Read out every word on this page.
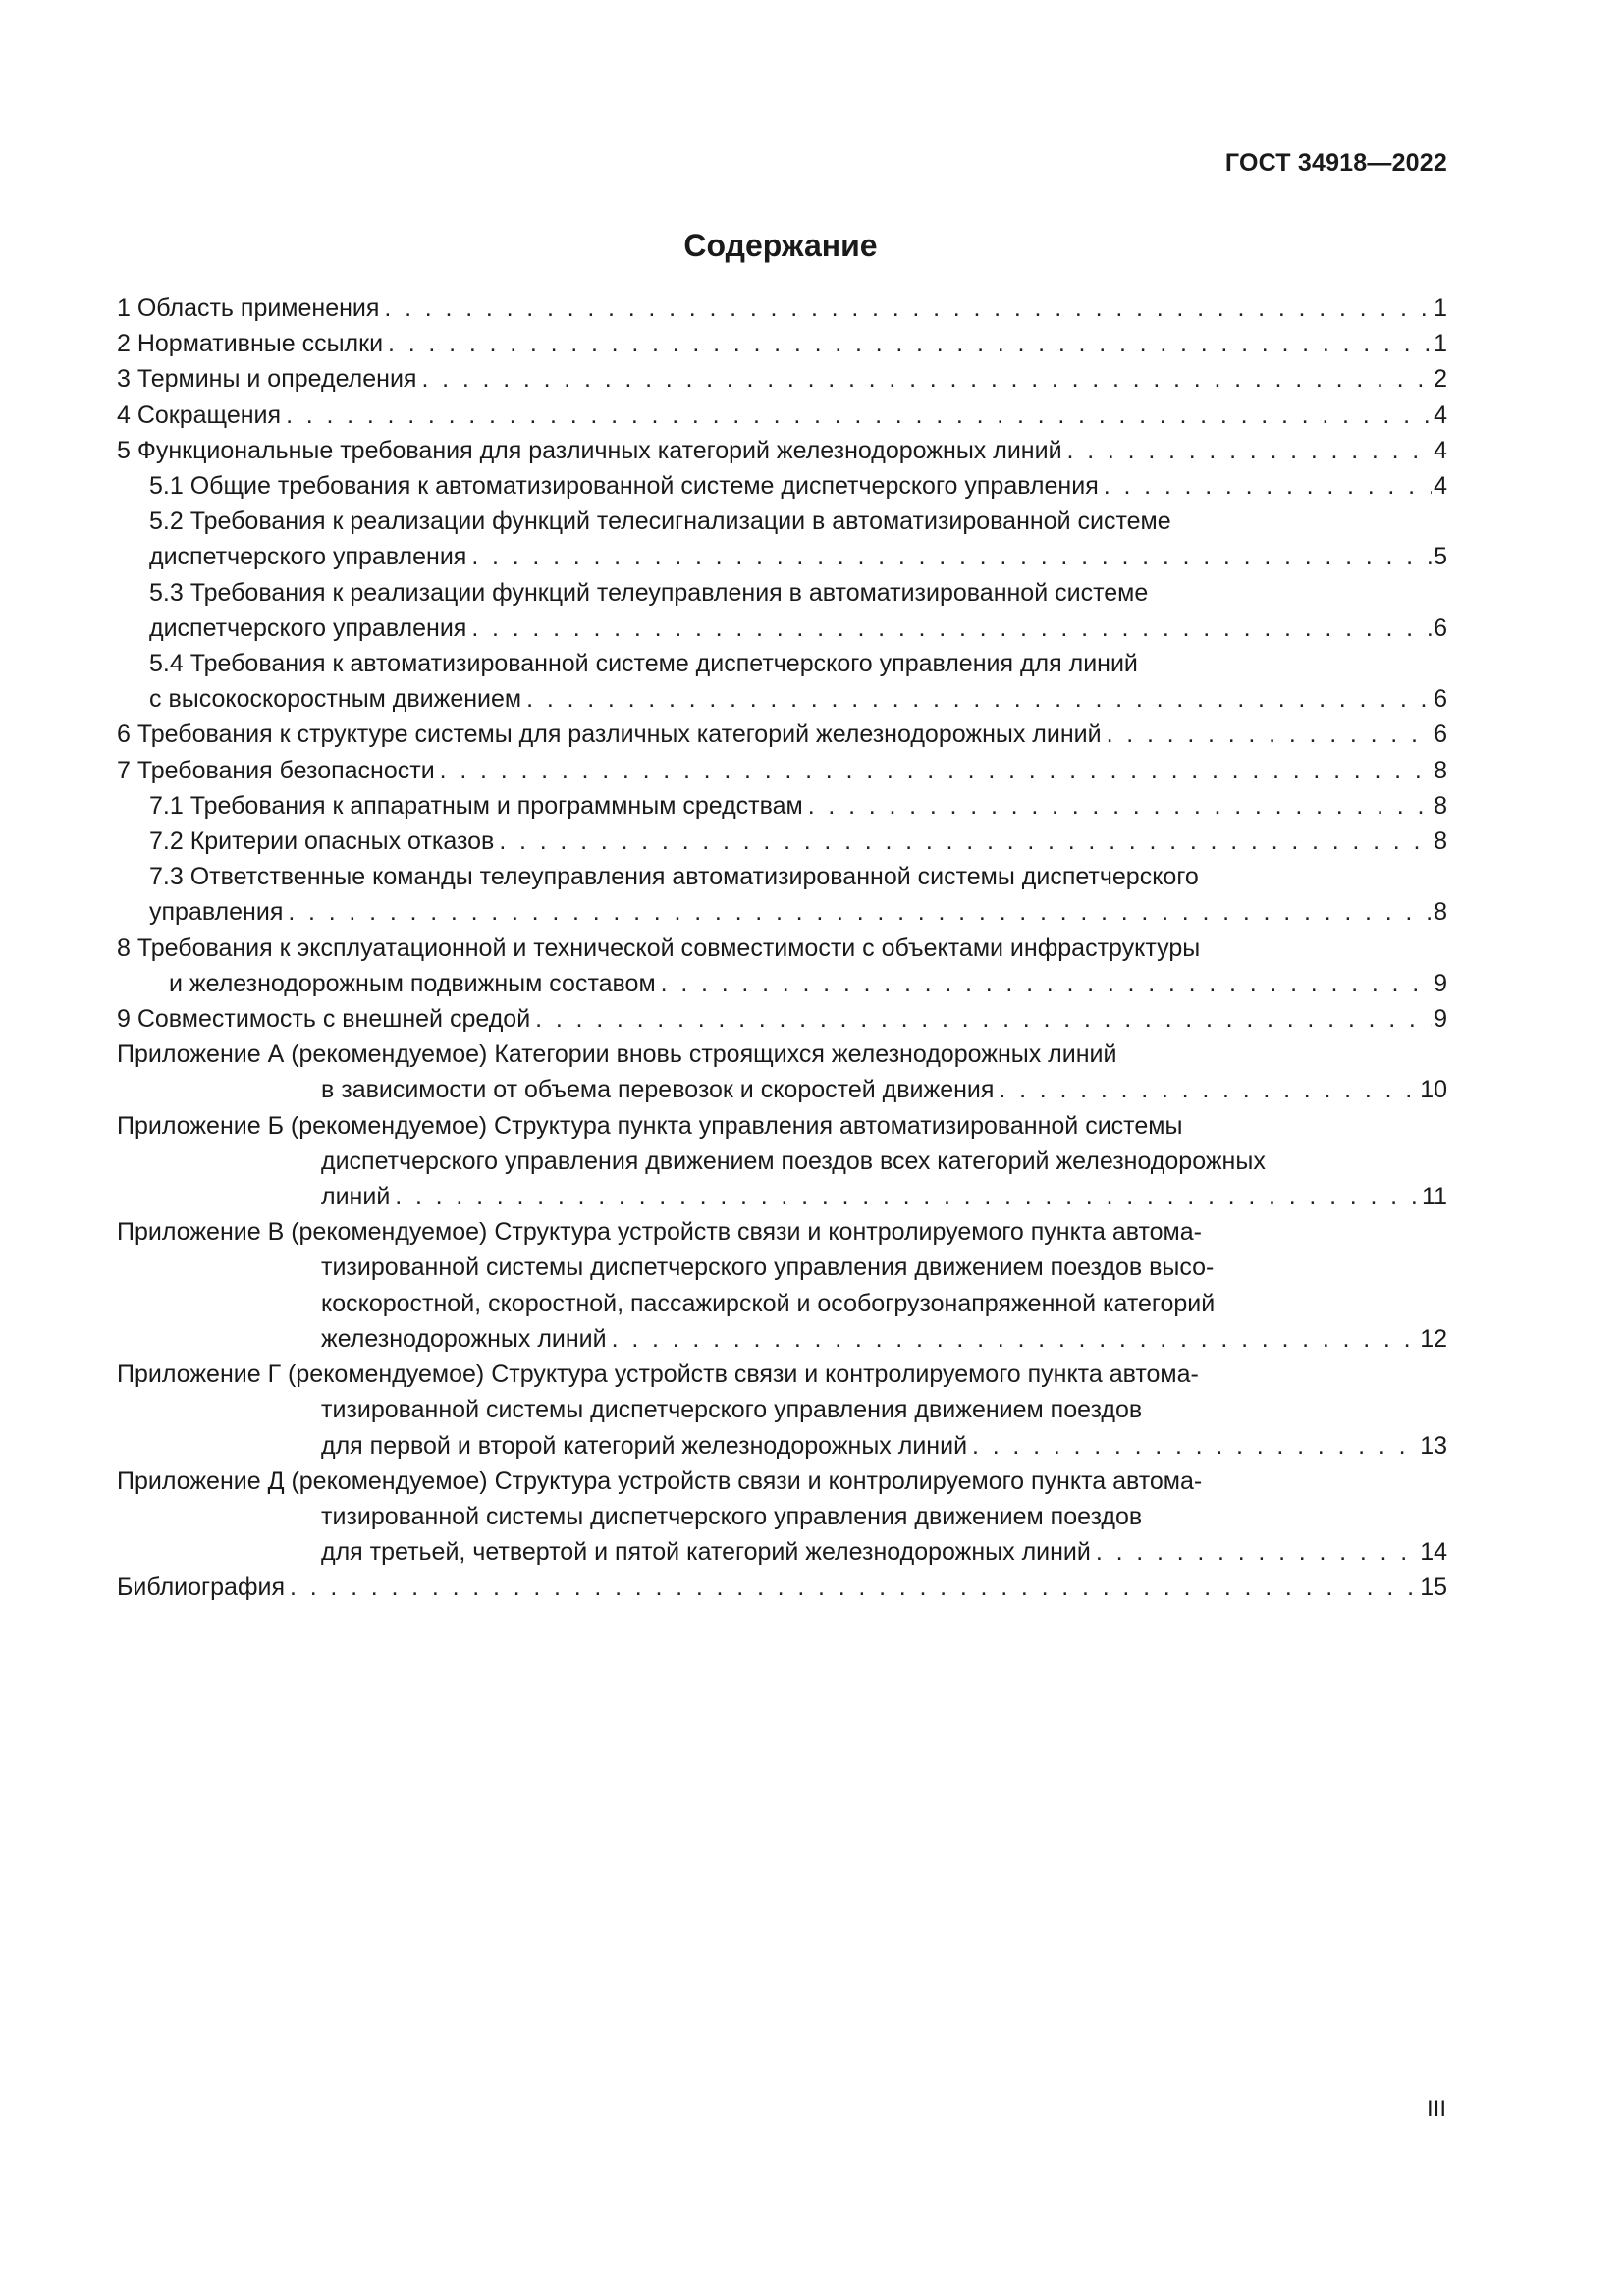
ГОСТ 34918—2022
Содержание
1 Область применения . . .	1
2 Нормативные ссылки . . .	1
3 Термины и определения . . .	2
4 Сокращения . . .	4
5 Функциональные требования для различных категорий железнодорожных линий . . .	4
5.1 Общие требования к автоматизированной системе диспетчерского управления . . .	4
5.2 Требования к реализации функций телесигнализации в автоматизированной системе
диспетчерского управления . . .	5
5.3 Требования к реализации функций телеуправления в автоматизированной системе
диспетчерского управления . . .	6
5.4 Требования к автоматизированной системе диспетчерского управления для линий
с высокоскоростным движением . . .	6
6 Требования к структуре системы для различных категорий железнодорожных линий . . .	6
7 Требования безопасности . . .	8
7.1 Требования к аппаратным и программным средствам . . .	8
7.2 Критерии опасных отказов . . .	8
7.3 Ответственные команды телеуправления автоматизированной системы диспетчерского
управления . . .	8
8 Требования к эксплуатационной и технической совместимости с объектами инфраструктуры
и железнодорожным подвижным составом . . .	9
9 Совместимость с внешней средой . . .	9
Приложение А (рекомендуемое) Категории вновь строящихся железнодорожных линий
в зависимости от объема перевозок и скоростей движения . . .	10
Приложение Б (рекомендуемое) Структура пункта управления автоматизированной системы
диспетчерского управления движением поездов всех категорий железнодорожных
линий . . .	11
Приложение В (рекомендуемое) Структура устройств связи и контролируемого пункта автома-
тизированной системы диспетчерского управления движением поездов высо-
коскоростной, скоростной, пассажирской и особогрузонапряженной категорий
железнодорожных линий . . .	12
Приложение Г (рекомендуемое) Структура устройств связи и контролируемого пункта автома-
тизированной системы диспетчерского управления движением поездов
для первой и второй категорий железнодорожных линий . . .	13
Приложение Д (рекомендуемое) Структура устройств связи и контролируемого пункта автома-
тизированной системы диспетчерского управления движением поездов
для третьей, четвертой и пятой категорий железнодорожных линий . . .	14
Библиография . . .	15
III
